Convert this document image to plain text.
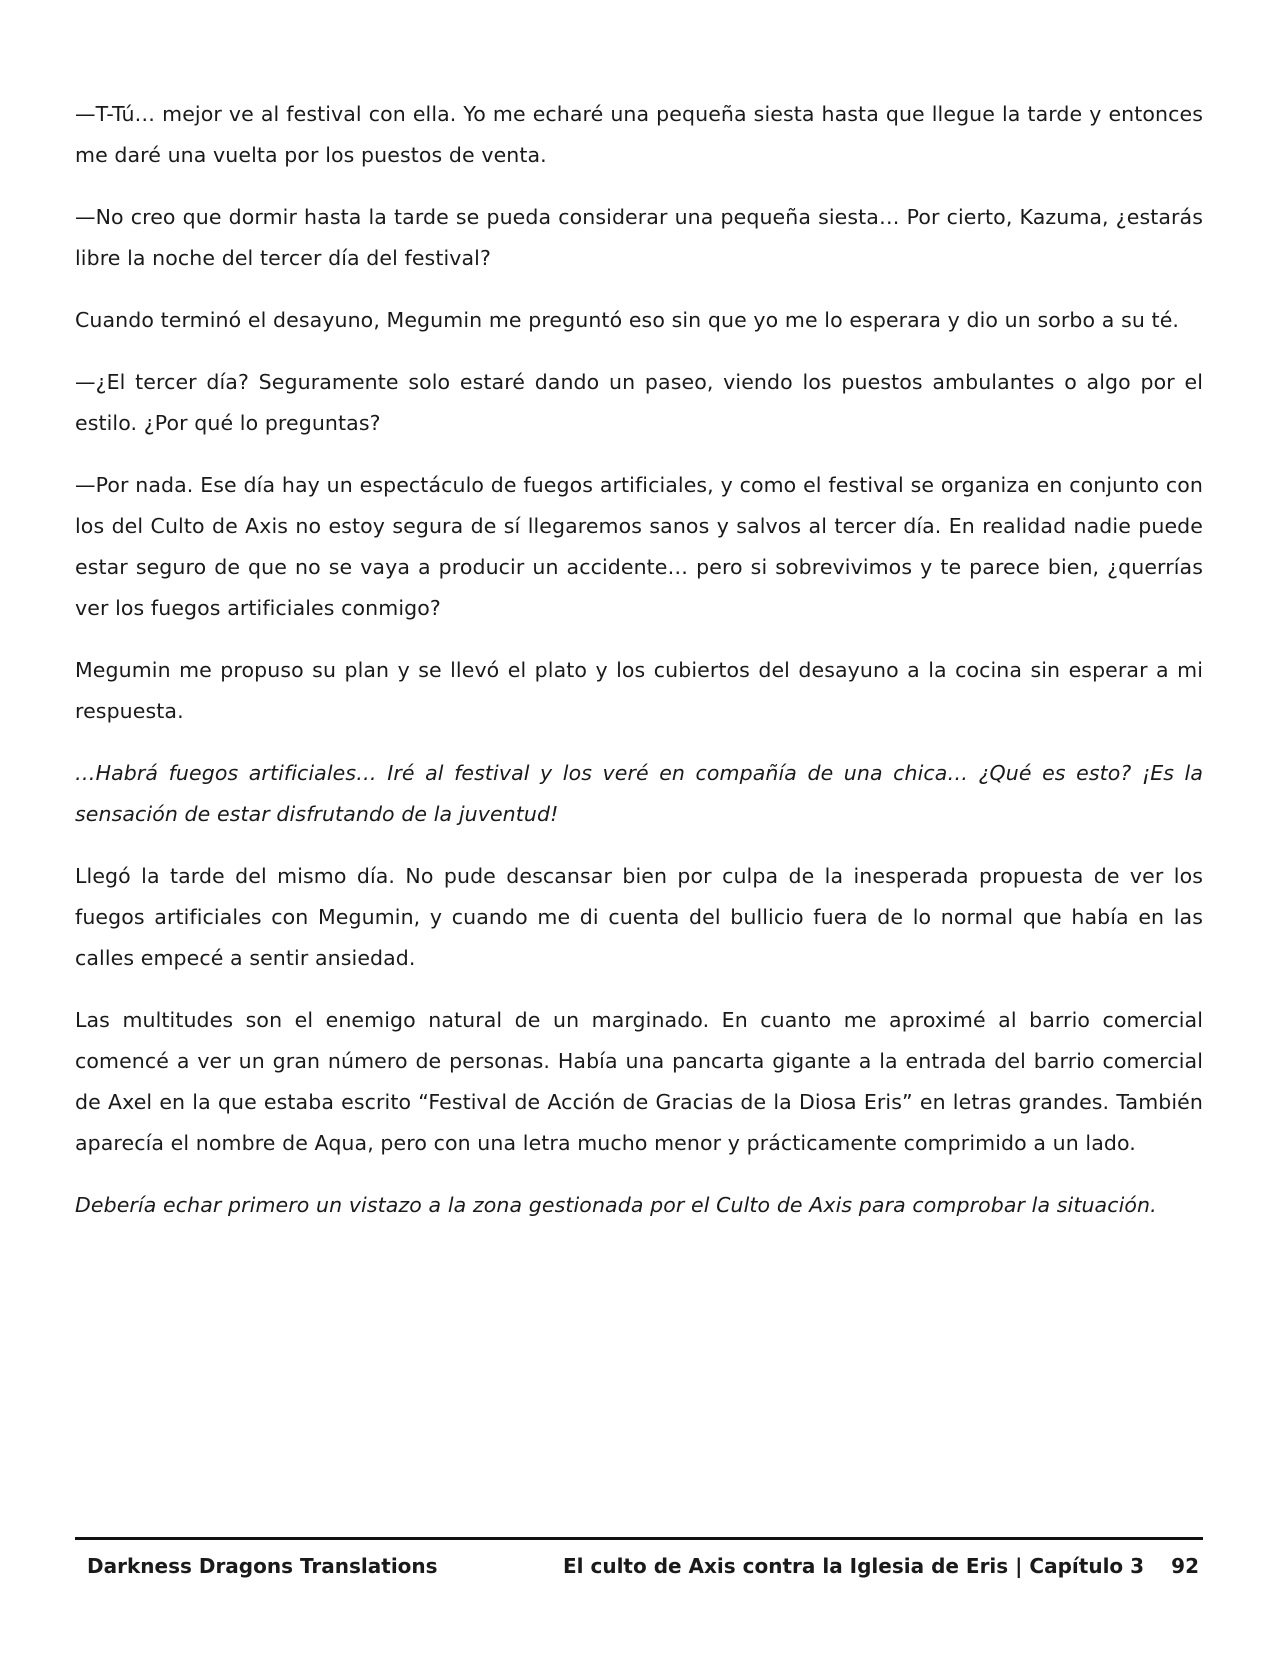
—T-Tú… mejor ve al festival con ella. Yo me echaré una pequeña siesta hasta que llegue la tarde y entonces me daré una vuelta por los puestos de venta.

—No creo que dormir hasta la tarde se pueda considerar una pequeña siesta… Por cierto, Kazuma, ¿estarás libre la noche del tercer día del festival?

Cuando terminó el desayuno, Megumin me preguntó eso sin que yo me lo esperara y dio un sorbo a su té.

—¿El tercer día? Seguramente solo estaré dando un paseo, viendo los puestos ambulantes o algo por el estilo. ¿Por qué lo preguntas?

—Por nada. Ese día hay un espectáculo de fuegos artificiales, y como el festival se organiza en conjunto con los del Culto de Axis no estoy segura de sí llegaremos sanos y salvos al tercer día. En realidad nadie puede estar seguro de que no se vaya a producir un accidente… pero si sobrevivimos y te parece bien, ¿querrías ver los fuegos artificiales conmigo?

Megumin me propuso su plan y se llevó el plato y los cubiertos del desayuno a la cocina sin esperar a mi respuesta.

…Habrá fuegos artificiales… Iré al festival y los veré en compañía de una chica… ¿Qué es esto? ¡Es la sensación de estar disfrutando de la juventud!

Llegó la tarde del mismo día. No pude descansar bien por culpa de la inesperada propuesta de ver los fuegos artificiales con Megumin, y cuando me di cuenta del bullicio fuera de lo normal que había en las calles empecé a sentir ansiedad.

Las multitudes son el enemigo natural de un marginado. En cuanto me aproximé al barrio comercial comencé a ver un gran número de personas. Había una pancarta gigante a la entrada del barrio comercial de Axel en la que estaba escrito “Festival de Acción de Gracias de la Diosa Eris” en letras grandes. También aparecía el nombre de Aqua, pero con una letra mucho menor y prácticamente comprimido a un lado.

Debería echar primero un vistazo a la zona gestionada por el Culto de Axis para comprobar la situación.

Darkness Dragons Translations	El culto de Axis contra la Iglesia de Eris | Capítulo 3 92
